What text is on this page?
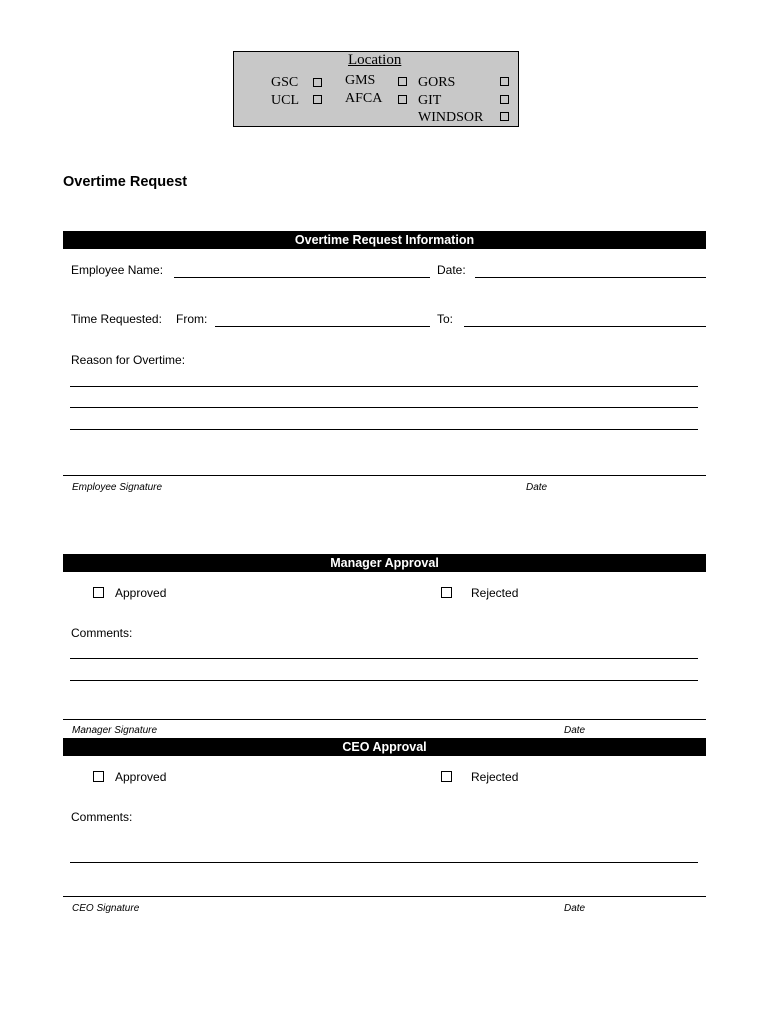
Location
GSC
UCL
GMS
AFCA
GORS
GIT
WINDSOR
Overtime Request
Overtime Request Information
Employee Name:	Date:
Time Requested: From:	To:
Reason for Overtime:
Employee Signature	Date
Manager Approval
Approved	Rejected
Comments:
Manager Signature	Date
CEO Approval
Approved	Rejected
Comments:
CEO Signature	Date
